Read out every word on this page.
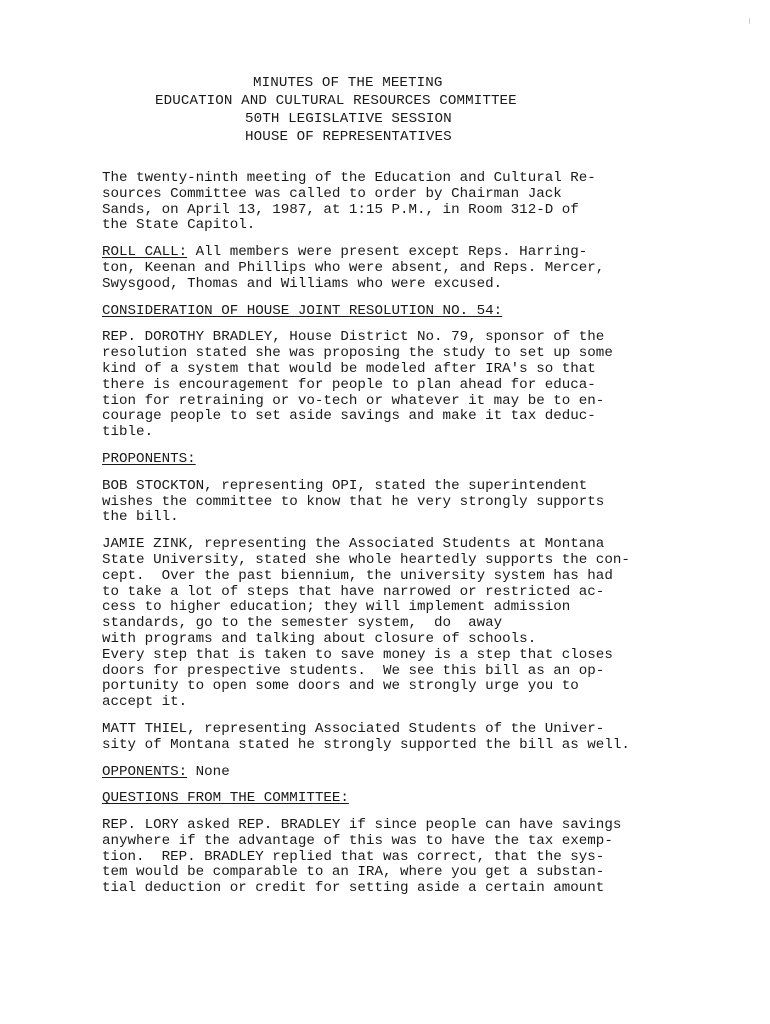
MINUTES OF THE MEETING
EDUCATION AND CULTURAL RESOURCES COMMITTEE
50TH LEGISLATIVE SESSION
HOUSE OF REPRESENTATIVES
The twenty-ninth meeting of the Education and Cultural Re-
sources Committee was called to order by Chairman Jack
Sands, on April 13, 1987, at 1:15 P.M., in Room 312-D of
the State Capitol.
ROLL CALL: All members were present except Reps. Harring-
ton, Keenan and Phillips who were absent, and Reps. Mercer,
Swysgood, Thomas and Williams who were excused.
CONSIDERATION OF HOUSE JOINT RESOLUTION NO. 54:
REP. DOROTHY BRADLEY, House District No. 79, sponsor of the
resolution stated she was proposing the study to set up some
kind of a system that would be modeled after IRA's so that
there is encouragement for people to plan ahead for educa-
tion for retraining or vo-tech or whatever it may be to en-
courage people to set aside savings and make it tax deduc-
tible.
PROPONENTS:
BOB STOCKTON, representing OPI, stated the superintendent
wishes the committee to know that he very strongly supports
the bill.
JAMIE ZINK, representing the Associated Students at Montana
State University, stated she whole heartedly supports the con-
cept.  Over the past biennium, the university system has had
to take a lot of steps that have narrowed or restricted ac-
cess to higher education; they will implement admission
standards, go to the semester system,  do  away
with programs and talking about closure of schools.
Every step that is taken to save money is a step that closes
doors for prespective students.  We see this bill as an op-
portunity to open some doors and we strongly urge you to
accept it.
MATT THIEL, representing Associated Students of the Univer-
sity of Montana stated he strongly supported the bill as well.
OPPONENTS: None
QUESTIONS FROM THE COMMITTEE:
REP. LORY asked REP. BRADLEY if since people can have savings
anywhere if the advantage of this was to have the tax exemp-
tion.  REP. BRADLEY replied that was correct, that the sys-
tem would be comparable to an IRA, where you get a substan-
tial deduction or credit for setting aside a certain amount
